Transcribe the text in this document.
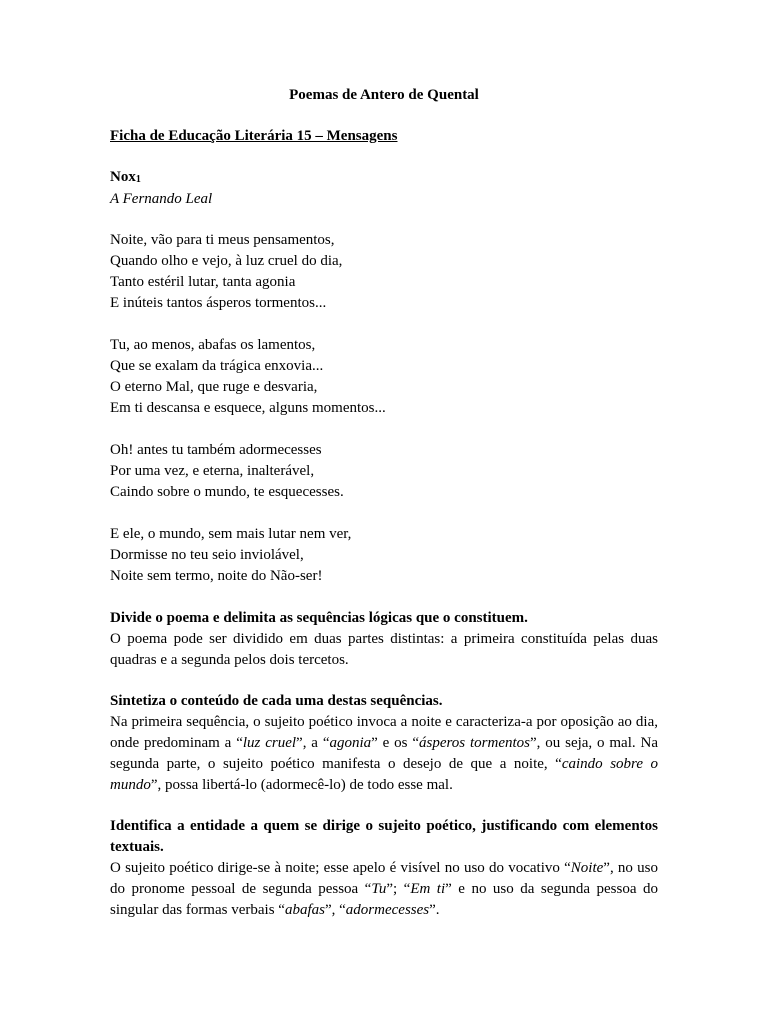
Poemas de Antero de Quental

Ficha de Educação Literária 15 – Mensagens

Nox$_1$

A Fernando Leal

Noite, vão para ti meus pensamentos,
Quando olho e vejo, à luz cruel do dia,
Tanto estéril lutar, tanta agonia
E inúteis tantos ásperos tormentos...
Tu, ao menos, abafas os lamentos,
Que se exalam da trágica enxovia...
O eterno Mal, que ruge e desvaria,
Em ti descansa e esquece, alguns momentos...
Oh! antes tu também adormecesses
Por uma vez, e eterna, inalterável,
Caindo sobre o mundo, te esquecesses.
E ele, o mundo, sem mais lutar nem ver,
Dormisse no teu seio inviolável,
Noite sem termo, noite do Não-ser!

Divide o poema e delimita as sequências lógicas que o constituem.

O poema pode ser dividido em duas partes distintas: a primeira constituída pelas duas quadras e a segunda pelos dois tercetos.

Sintetiza o conteúdo de cada uma destas sequências.

Na primeira sequência, o sujeito poético invoca a noite e caracteriza-a por oposição ao dia, onde predominam a “luz cruel”, a “agonia” e os “ásperos tormentos”, ou seja, o mal. Na segunda parte, o sujeito poético manifesta o desejo de que a noite, “caindo sobre o mundo”, possa libertá-lo (adormecê-lo) de todo esse mal.

Identifica a entidade a quem se dirige o sujeito poético, justificando com elementos textuais.

O sujeito poético dirige-se à noite; esse apelo é visível no uso do vocativo “Noite”, no uso do pronome pessoal de segunda pessoa “Tu”; “Em ti” e no uso da segunda pessoa do singular das formas verbais “abafas”, “adormecesses”.
